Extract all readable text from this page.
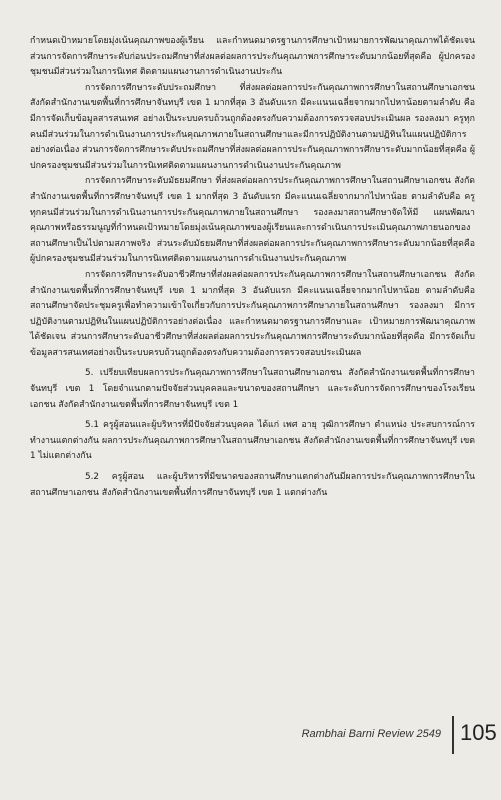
กำหนดเป้าหมายโดยมุ่งเน้นคุณภาพของผู้เรียน และกำหนดมาตรฐานการศึกษาเป้าหมายการพัฒนาคุณภาพได้ชัดเจน ส่วนการจัดการศึกษาระดับก่อนประถมศึกษาที่ส่งผลต่อผลการประกันคุณภาพการศึกษาระดับมากน้อยที่สุดคือ ผู้ปกครองชุมชนมีส่วนร่วมในการนิเทศ ติดตามแผนงานการดำเนินงานประกัน

การจัดการศึกษาระดับประถมศึกษา ที่ส่งผลต่อผลการประกันคุณภาพการศึกษาในสถานศึกษาเอกชน สังกัดสำนักงานเขตพื้นที่การศึกษาจันทบุรี เขต 1 มากที่สุด 3 อันดับแรก มีคะแนนเฉลี่ยจากมากไปหาน้อยตามลำดับ คือ มีการจัดเก็บข้อมูลสารสนเทศ อย่างเป็นระบบครบถ้วนถูกต้องตรงกับความต้องการตรวจสอบประเมินผล รองลงมา ครูทุกคนมีส่วนร่วมในการดำเนินงานการประกันคุณภาพภายในสถานศึกษาและมีการปฏิบัติงานตามปฏิทินในแผนปฏิบัติการอย่างต่อเนื่อง ส่วนการจัดการศึกษาระดับประถมศึกษาที่ส่งผลต่อผลการประกันคุณภาพการศึกษาระดับมากน้อยที่สุดคือ ผู้ปกครองชุมชนมีส่วนร่วมในการนิเทศติดตามแผนงานการดำเนินงานประกันคุณภาพ

การจัดการศึกษาระดับมัธยมศึกษา ที่ส่งผลต่อผลการประกันคุณภาพการศึกษาในสถานศึกษาเอกชน สังกัดสำนักงานเขตพื้นที่การศึกษาจันทบุรี เขต 1 มากที่สุด 3 อันดับแรก มีคะแนนเฉลี่ยจากมากไปหาน้อย ตามลำดับคือ ครูทุกคนมีส่วนร่วมในการดำเนินงานการประกันคุณภาพภายในสถานศึกษา รองลงมาสถานศึกษาจัดให้มี แผนพัฒนาคุณภาพหรือธรรมนูญที่กำหนดเป้าหมายโดยมุ่งเน้นคุณภาพของผู้เรียนและการดำเนินการประเมินคุณภาพภายนอกของสถานศึกษาเป็นไปตามสภาพจริง ส่วนระดับมัธยมศึกษาที่ส่งผลต่อผลการประกันคุณภาพการศึกษาระดับมากน้อยที่สุดคือ ผู้ปกครองชุมชนมีส่วนร่วมในการนิเทศติดตามแผนงานการดำเนินงานประกันคุณภาพ

การจัดการศึกษาระดับอาชีวศึกษาที่ส่งผลต่อผลการประกันคุณภาพการศึกษาในสถานศึกษาเอกชน สังกัดสำนักงานเขตพื้นที่การศึกษาจันทบุรี เขต 1 มากที่สุด 3 อันดับแรก มีคะแนนเฉลี่ยจากมากไปหาน้อย ตามลำดับคือ สถานศึกษาจัดประชุมครูเพื่อทำความเข้าใจเกี่ยวกับการประกันคุณภาพการศึกษาภายในสถานศึกษา รองลงมา มีการปฏิบัติงานตามปฏิทินในแผนปฏิบัติการอย่างต่อเนื่อง และกำหนดมาตรฐานการศึกษาและ เป้าหมายการพัฒนาคุณภาพได้ชัดเจน ส่วนการศึกษาระดับอาชีวศึกษาที่ส่งผลต่อผลการประกันคุณภาพการศึกษาระดับมากน้อยที่สุดคือ มีการจัดเก็บข้อมูลสารสนเทศอย่างเป็นระบบครบถ้วนถูกต้องตรงกับความต้องการตรวจสอบประเมินผล

5. เปรียบเทียบผลการประกันคุณภาพการศึกษาในสถานศึกษาเอกชน สังกัดสำนักงานเขตพื้นที่การศึกษาจันทบุรี เขต 1 โดยจำแนกตามปัจจัยส่วนบุคคลและขนาดของสถานศึกษา และระดับการจัดการศึกษาของโรงเรียนเอกชน สังกัดสำนักงานเขตพื้นที่การศึกษาจันทบุรี เขต 1

5.1 ครูผู้สอนและผู้บริหารที่มีปัจจัยส่วนบุคคล ได้แก่ เพศ อายุ วุฒิการศึกษา ตำแหน่ง ประสบการณ์การทำงานแตกต่างกัน ผลการประกันคุณภาพการศึกษาในสถานศึกษาเอกชน สังกัดสำนักงานเขตพื้นที่การศึกษาจันทบุรี เขต 1 ไม่แตกต่างกัน

5.2 ครูผู้สอน และผู้บริหารที่มีขนาดของสถานศึกษาแตกต่างกันมีผลการประกันคุณภาพการศึกษาในสถานศึกษาเอกชน สังกัดสำนักงานเขตพื้นที่การศึกษาจันทบุรี เขต 1 แตกต่างกัน

Rambhai Barni Review 2549 105
